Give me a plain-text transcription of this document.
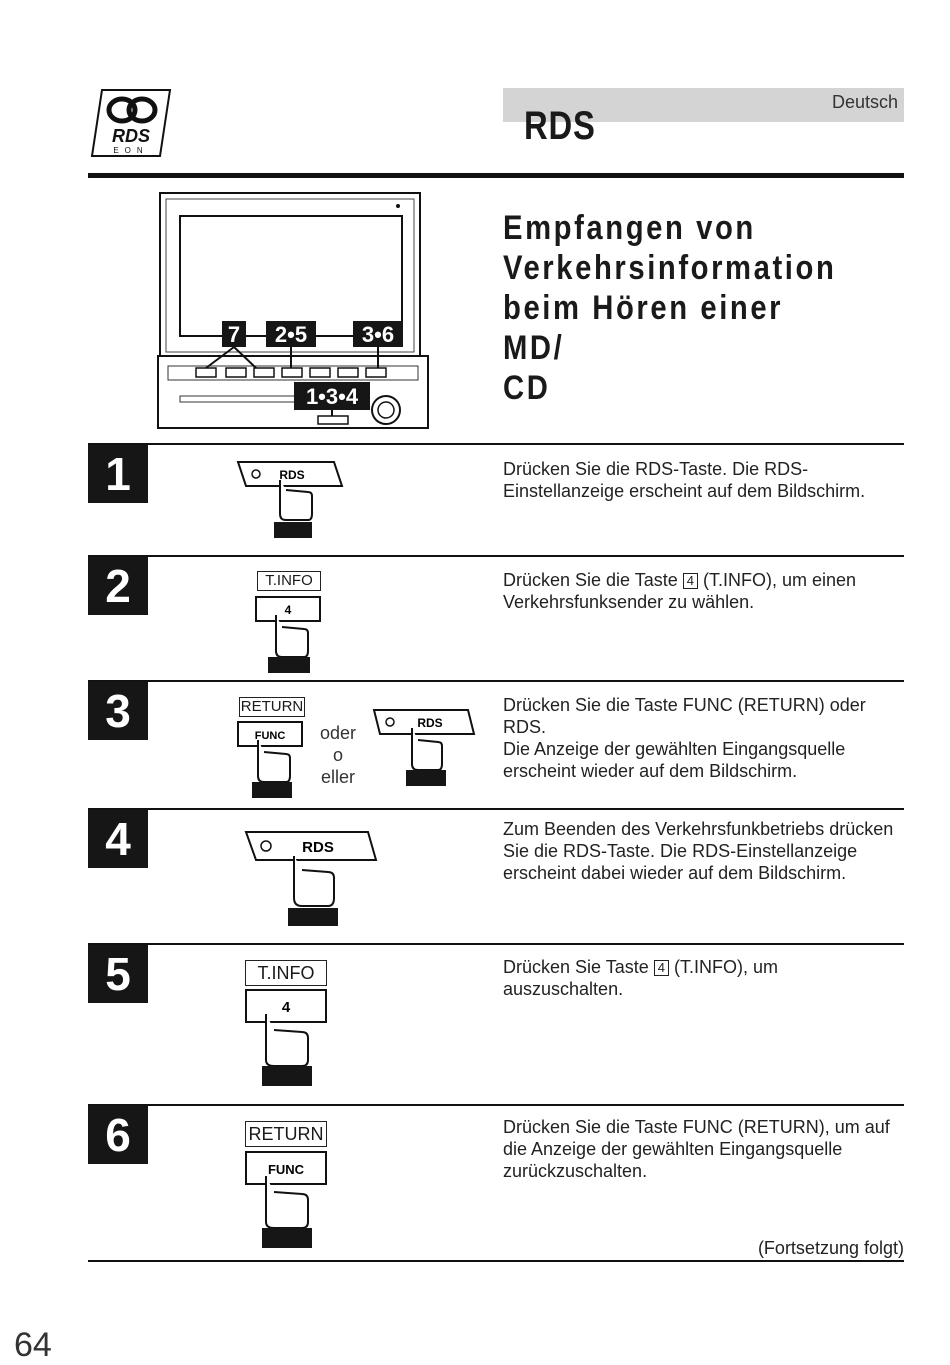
RDS
EON
Deutsch
RDS
Empfangen von
Verkehrsinformation
beim Hören einer MD/
CD
7 2•5 3•6
1•3•4
1	RDS	Drücken Sie die RDS-Taste. Die RDS-Einstellanzeige erscheint auf dem Bildschirm.
2	T.INFO
4
Drücken Sie die Taste 4 (T.INFO), um einen Verkehrsfunksender zu wählen.
3	RETURN
FUNC	oder
o
eller
RDS
Drücken Sie die Taste FUNC (RETURN) oder RDS.
Die Anzeige der gewählten Eingangsquelle erscheint wieder auf dem Bildschirm.
4	RDS
Zum Beenden des Verkehrsfunkbetriebs drücken Sie die RDS-Taste. Die RDS-Einstellanzeige erscheint dabei wieder auf dem Bildschirm.
5	T.INFO
4
Drücken Sie Taste 4 (T.INFO), um auszuschalten.
6	RETURN
FUNC
Drücken Sie die Taste FUNC (RETURN), um auf die Anzeige der gewählten Eingangsquelle zurückzuschalten.
(Fortsetzung folgt)
64
